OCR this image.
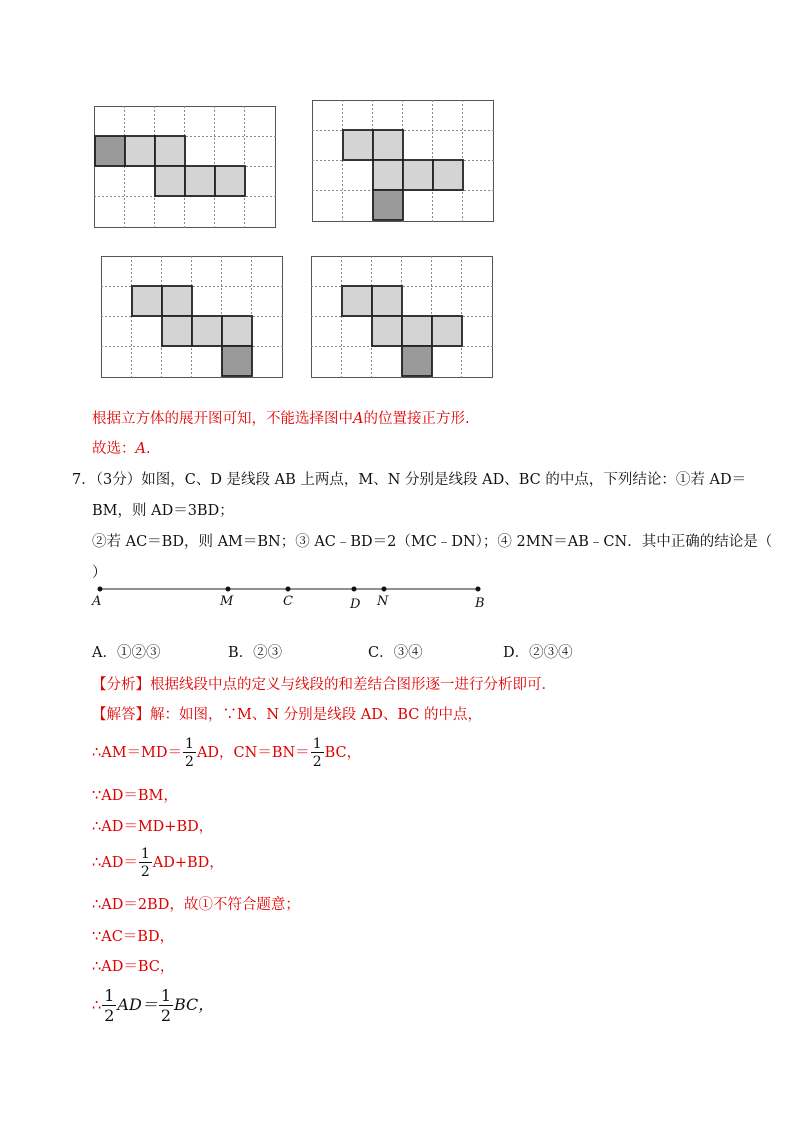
根据立方体的展开图可知，不能选择图中A的位置接正方形.
故选：A.
7．（3分）如图，C、D 是线段 AB 上两点，M、N 分别是线段 AD、BC 的中点，下列结论：①若 AD＝
BM，则 AD＝3BD；
②若 AC＝BD，则 AM＝BN；③ AC﹣BD＝2（MC﹣DN）；④ 2MN＝AB﹣CN．其中正确的结论是（
）
A	M	C	D N	B
A．①②③	B．②③	C．③④	D．②③④
【分析】根据线段中点的定义与线段的和差结合图形逐一进行分析即可．
【解答】解：如图，∵M、N 分别是线段 AD、BC 的中点，
∴AM＝MD＝ $\frac{1}{2}$ AD，$CN=BN= \frac{1}{2}$ BC，
∵AD＝BM，
∴AD＝MD+BD，
∴AD＝ $\frac{1}{2} AD+BD$，
∴AD＝2BD，故①不符合题意；
∵AC＝BD，
∴AD＝BC，
∴ $\frac{1}{2} AD= \frac{1}{2}$ BC，
